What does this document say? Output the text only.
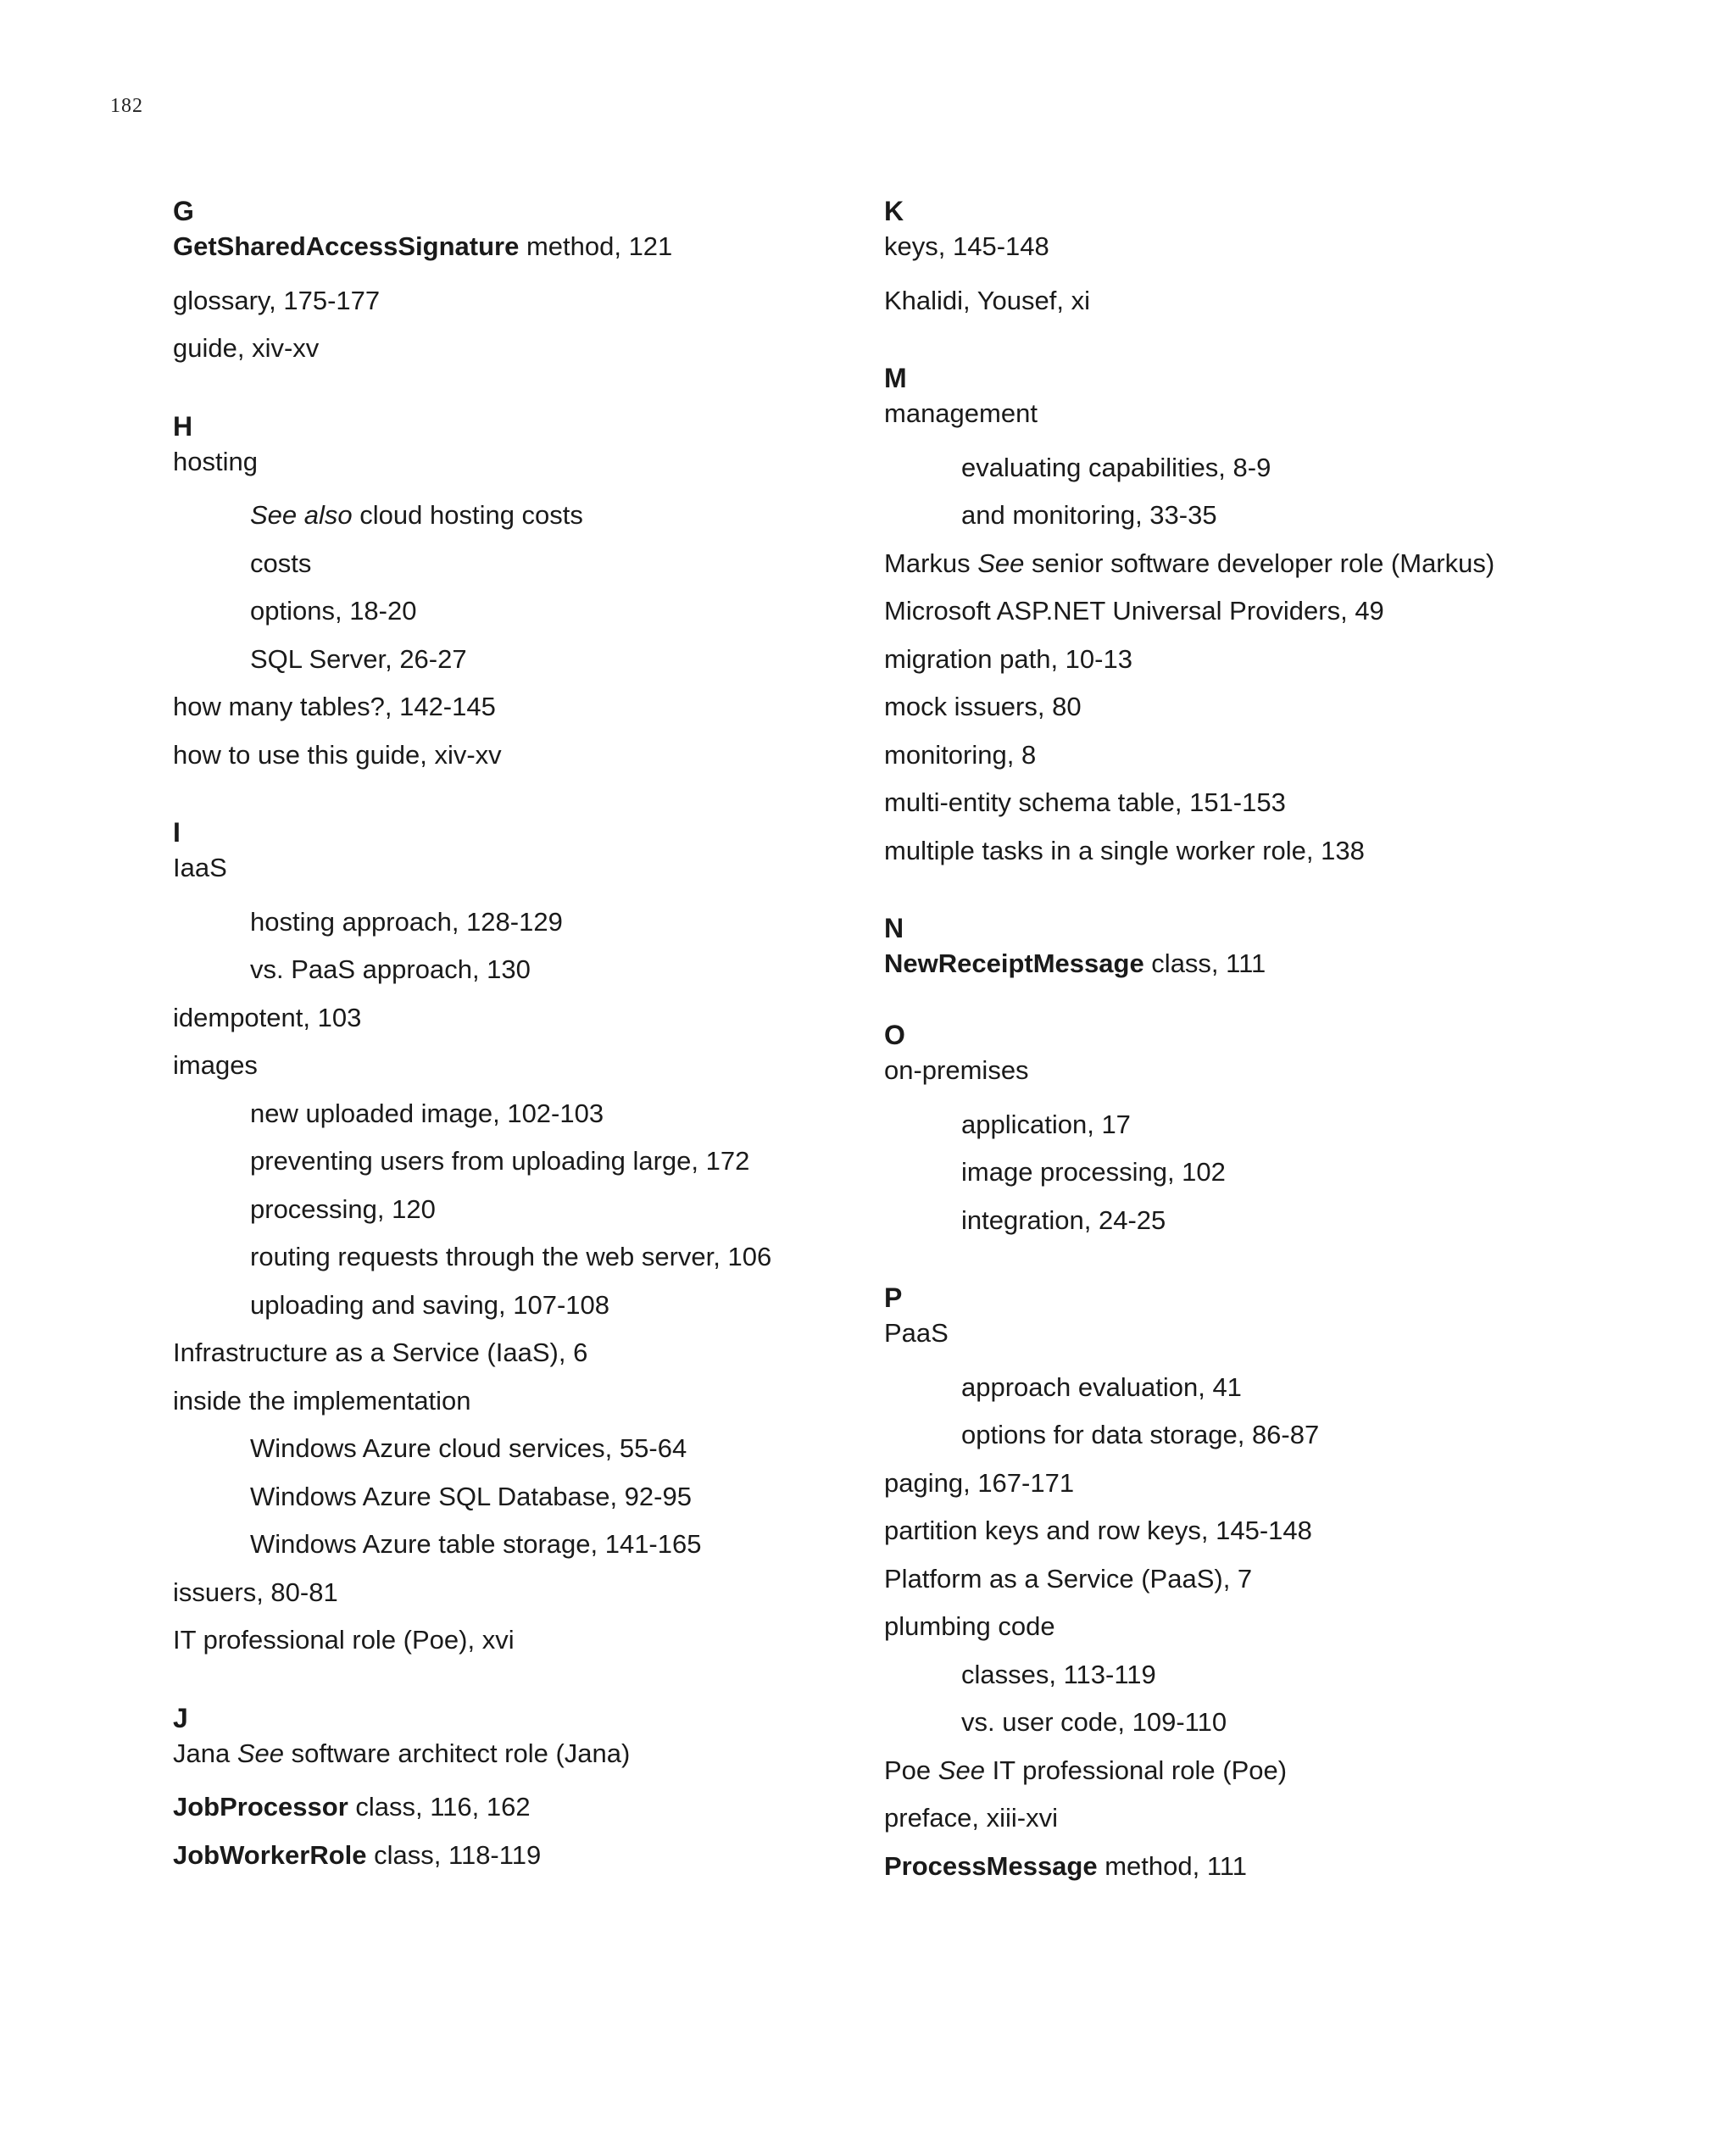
182
G
GetSharedAccessSignature method, 121
glossary, 175-177
guide, xiv-xv
H
hosting
See also cloud hosting costs
costs
options, 18-20
SQL Server, 26-27
how many tables?, 142-145
how to use this guide, xiv-xv
I
IaaS
hosting approach, 128-129
vs. PaaS approach, 130
idempotent, 103
images
new uploaded image, 102-103
preventing users from uploading large, 172
processing, 120
routing requests through the web server, 106
uploading and saving, 107-108
Infrastructure as a Service (IaaS), 6
inside the implementation
Windows Azure cloud services, 55-64
Windows Azure SQL Database, 92-95
Windows Azure table storage, 141-165
issuers, 80-81
IT professional role (Poe), xvi
J
Jana See software architect role (Jana)
JobProcessor class, 116, 162
JobWorkerRole class, 118-119
K
keys, 145-148
Khalidi, Yousef, xi
M
management
evaluating capabilities, 8-9
and monitoring, 33-35
Markus See senior software developer role (Markus)
Microsoft ASP.NET Universal Providers, 49
migration path, 10-13
mock issuers, 80
monitoring, 8
multi-entity schema table, 151-153
multiple tasks in a single worker role, 138
N
NewReceiptMessage class, 111
O
on-premises
application, 17
image processing, 102
integration, 24-25
P
PaaS
approach evaluation, 41
options for data storage, 86-87
paging, 167-171
partition keys and row keys, 145-148
Platform as a Service (PaaS), 7
plumbing code
classes, 113-119
vs. user code, 109-110
Poe See IT professional role (Poe)
preface, xiii-xvi
ProcessMessage method, 111
